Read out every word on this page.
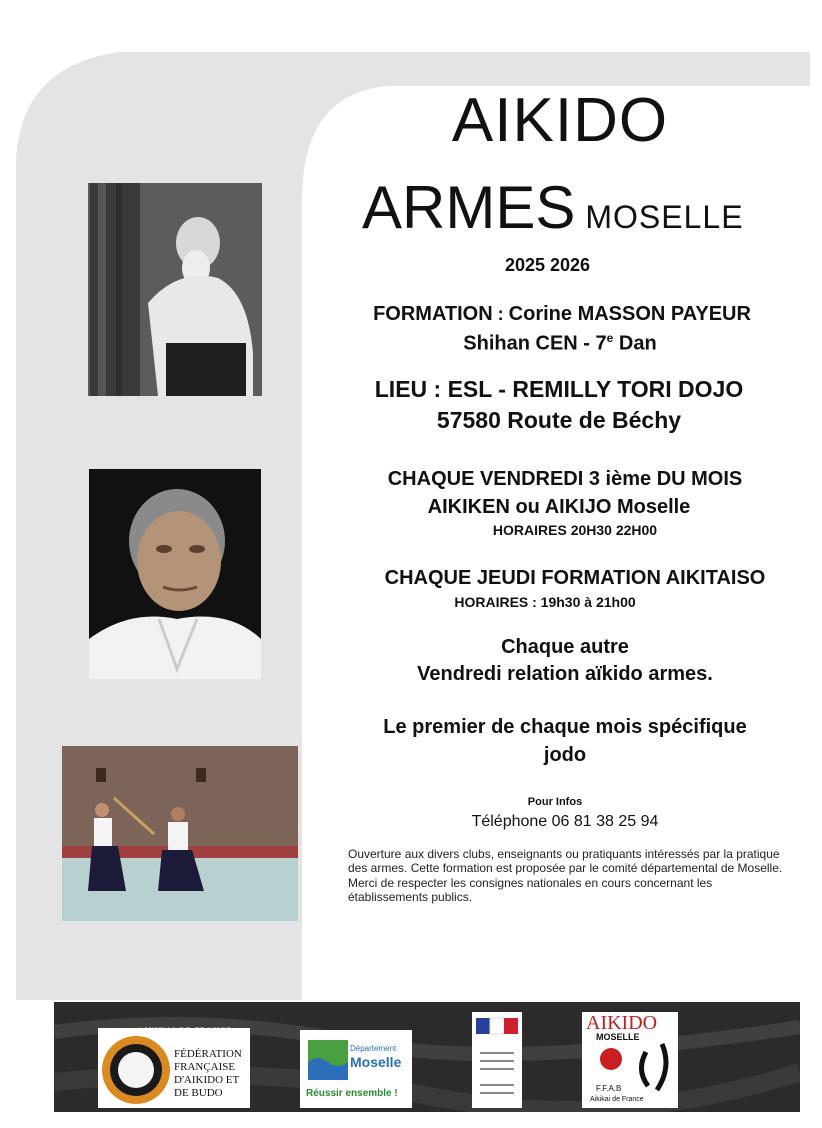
AIKIDO
ARMES MOSELLE
2025 2026
FORMATION : Corine MASSON PAYEUR
Shihan CEN - 7e Dan
LIEU : ESL - REMILLY TORI DOJO
57580 Route de Béchy
CHAQUE VENDREDI 3 ième DU MOIS
AIKIKEN ou AIKIJO Moselle
HORAIRES 20H30 22H00
CHAQUE JEUDI FORMATION AIKITAISO
HORAIRES : 19h30 à 21h00
Chaque autre
Vendredi relation aïkido armes.
Le premier de chaque mois spécifique
jodo
Pour Infos
Téléphone 06 81 38 25 94
Ouverture aux divers clubs, enseignants ou pratiquants intéressés par la pratique des armes. Cette formation est proposée par le comité départemental de Moselle. Merci de respecter les consignes nationales en cours concernant les établissements publics.
AIKIKAI DE FRANCE
FÉDÉRATION
FRANÇAISE
D'AIKIDO ET
DE BUDO
Département
Moselle
Réussir ensemble !
AIKIDO
MOSELLE
F.F.A.B
Aikikai de France
